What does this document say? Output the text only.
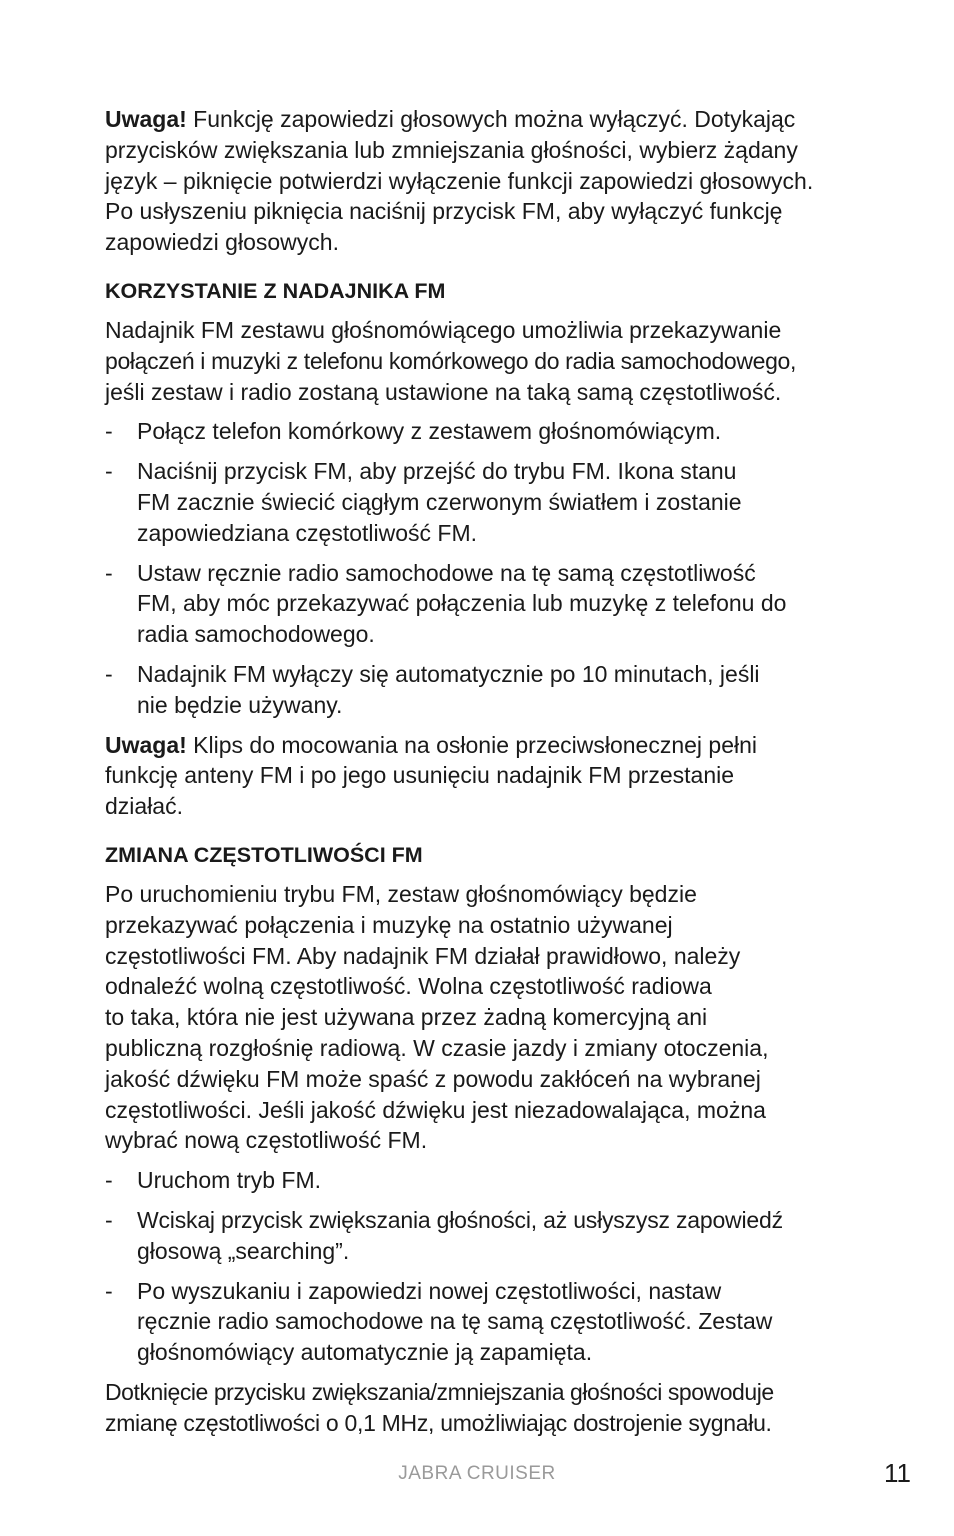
Uwaga! Funkcję zapowiedzi głosowych można wyłączyć. Dotykając
przycisków zwiększania lub zmniejszania głośności, wybierz żądany
język – piknięcie potwierdzi wyłączenie funkcji zapowiedzi głosowych.
Po usłyszeniu piknięcia naciśnij przycisk FM, aby wyłączyć funkcję
zapowiedzi głosowych.

KORZYSTANIE Z NADAJNIKA FM

Nadajnik FM zestawu głośnomówiącego umożliwia przekazywanie
połączeń i muzyki z telefonu komórkowego do radia samochodowego,
jeśli zestaw i radio zostaną ustawione na taką samą częstotliwość.

- Połącz telefon komórkowy z zestawem głośnomówiącym.
- Naciśnij przycisk FM, aby przejść do trybu FM. Ikona stanu
FM zacznie świecić ciągłym czerwonym światłem i zostanie
zapowiedziana częstotliwość FM.
- Ustaw ręcznie radio samochodowe na tę samą częstotliwość
FM, aby móc przekazywać połączenia lub muzykę z telefonu do
radia samochodowego.
- Nadajnik FM wyłączy się automatycznie po 10 minutach, jeśli
nie będzie używany.

Uwaga! Klips do mocowania na osłonie przeciwsłonecznej pełni
funkcję anteny FM i po jego usunięciu nadajnik FM przestanie
działać.

ZMIANA CZĘSTOTLIWOŚCI FM

Po uruchomieniu trybu FM, zestaw głośnomówiący będzie
przekazywać połączenia i muzykę na ostatnio używanej
częstotliwości FM. Aby nadajnik FM działał prawidłowo, należy
odnaleźć wolną częstotliwość. Wolna częstotliwość radiowa
to taka, która nie jest używana przez żadną komercyjną ani
publiczną rozgłośnię radiową. W czasie jazdy i zmiany otoczenia,
jakość dźwięku FM może spaść z powodu zakłóceń na wybranej
częstotliwości. Jeśli jakość dźwięku jest niezadowalająca, można
wybrać nową częstotliwość FM.

- Uruchom tryb FM.
- Wciskaj przycisk zwiększania głośności, aż usłyszysz zapowiedź
głosową „searching”.
- Po wyszukaniu i zapowiedzi nowej częstotliwości, nastaw
ręcznie radio samochodowe na tę samą częstotliwość. Zestaw
głośnomówiący automatycznie ją zapamięta.

Dotknięcie przycisku zwiększania/zmniejszania głośności spowoduje
zmianę częstotliwości o 0,1 MHz, umożliwiając dostrojenie sygnału.

JABRA CRUISER	11
